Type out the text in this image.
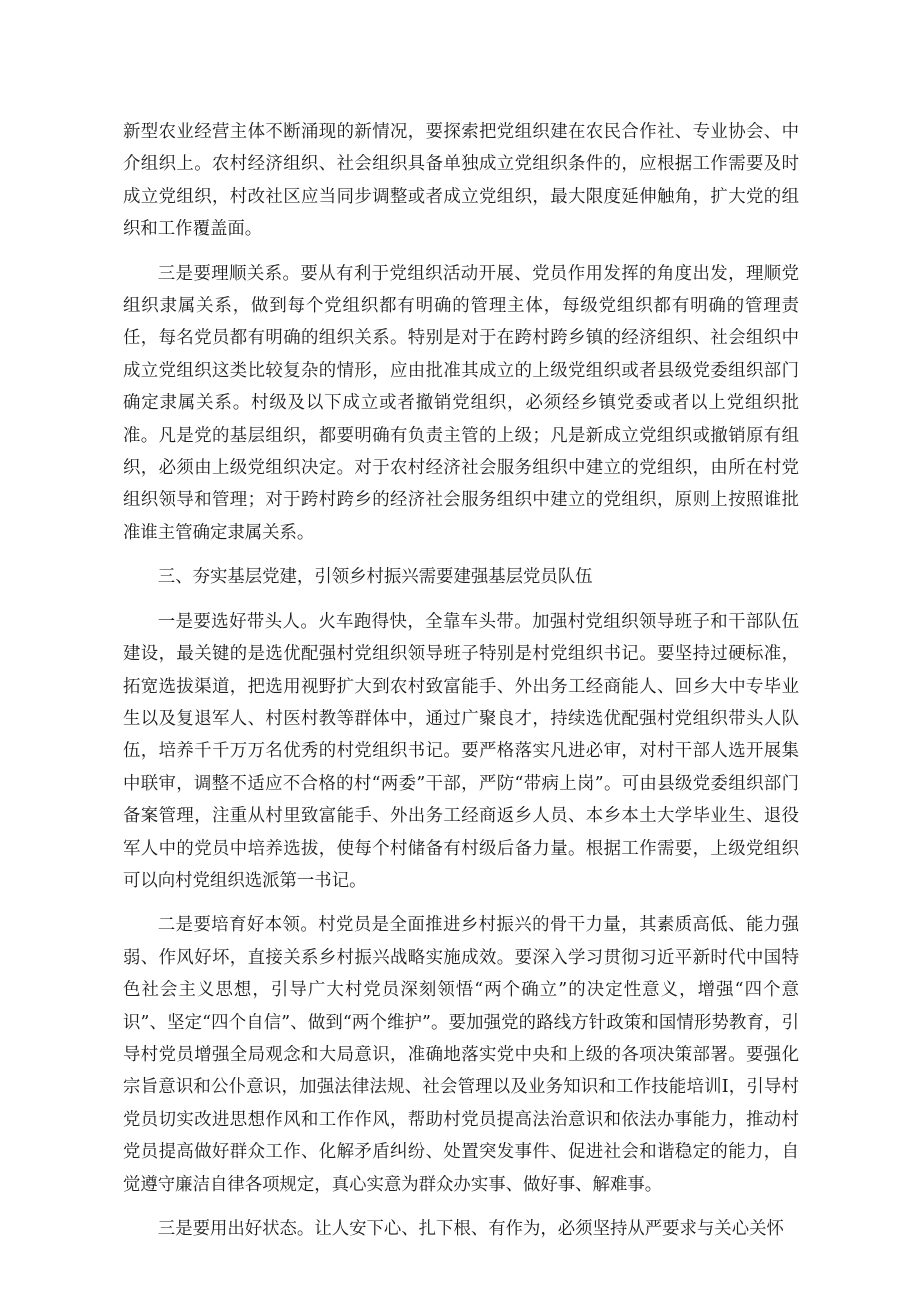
新型农业经营主体不断涌现的新情况，要探索把党组织建在农民合作社、专业协会、中介组织上。农村经济组织、社会组织具备单独成立党组织条件的，应根据工作需要及时成立党组织，村改社区应当同步调整或者成立党组织，最大限度延伸触角，扩大党的组织和工作覆盖面。

三是要理顺关系。要从有利于党组织活动开展、党员作用发挥的角度出发，理顺党组织隶属关系，做到每个党组织都有明确的管理主体，每级党组织都有明确的管理责任，每名党员都有明确的组织关系。特别是对于在跨村跨乡镇的经济组织、社会组织中成立党组织这类比较复杂的情形，应由批准其成立的上级党组织或者县级党委组织部门确定隶属关系。村级及以下成立或者撤销党组织，必须经乡镇党委或者以上党组织批准。凡是党的基层组织，都要明确有负责主管的上级；凡是新成立党组织或撤销原有组织，必须由上级党组织决定。对于农村经济社会服务组织中建立的党组织，由所在村党组织领导和管理；对于跨村跨乡的经济社会服务组织中建立的党组织，原则上按照谁批准谁主管确定隶属关系。

三、夯实基层党建，引领乡村振兴需要建强基层党员队伍

一是要选好带头人。火车跑得快，全靠车头带。加强村党组织领导班子和干部队伍建设，最关键的是选优配强村党组织领导班子特别是村党组织书记。要坚持过硬标准，拓宽选拔渠道，把选用视野扩大到农村致富能手、外出务工经商能人、回乡大中专毕业生以及复退军人、村医村教等群体中，通过广聚良才，持续选优配强村党组织带头人队伍，培养千千万万名优秀的村党组织书记。要严格落实凡进必审，对村干部人选开展集中联审，调整不适应不合格的村“两委”干部，严防“带病上岗”。可由县级党委组织部门备案管理，注重从村里致富能手、外出务工经商返乡人员、本乡本土大学毕业生、退役军人中的党员中培养选拔，使每个村储备有村级后备力量。根据工作需要，上级党组织可以向村党组织选派第一书记。

二是要培育好本领。村党员是全面推进乡村振兴的骨干力量，其素质高低、能力强弱、作风好坏，直接关系乡村振兴战略实施成效。要深入学习贯彻习近平新时代中国特色社会主义思想，引导广大村党员深刻领悟“两个确立”的决定性意义，增强“四个意识”、坚定“四个自信”、做到“两个维护”。要加强党的路线方针政策和国情形势教育，引导村党员增强全局观念和大局意识，准确地落实党中央和上级的各项决策部署。要强化宗旨意识和公仆意识，加强法律法规、社会管理以及业务知识和工作技能培训I，引导村党员切实改进思想作风和工作作风，帮助村党员提高法治意识和依法办事能力，推动村党员提高做好群众工作、化解矛盾纠纷、处置突发事件、促进社会和谐稳定的能力，自觉遵守廉洁自律各项规定，真心实意为群众办实事、做好事、解难事。

三是要用出好状态。让人安下心、扎下根、有作为，必须坚持从严要求与关心关怀
